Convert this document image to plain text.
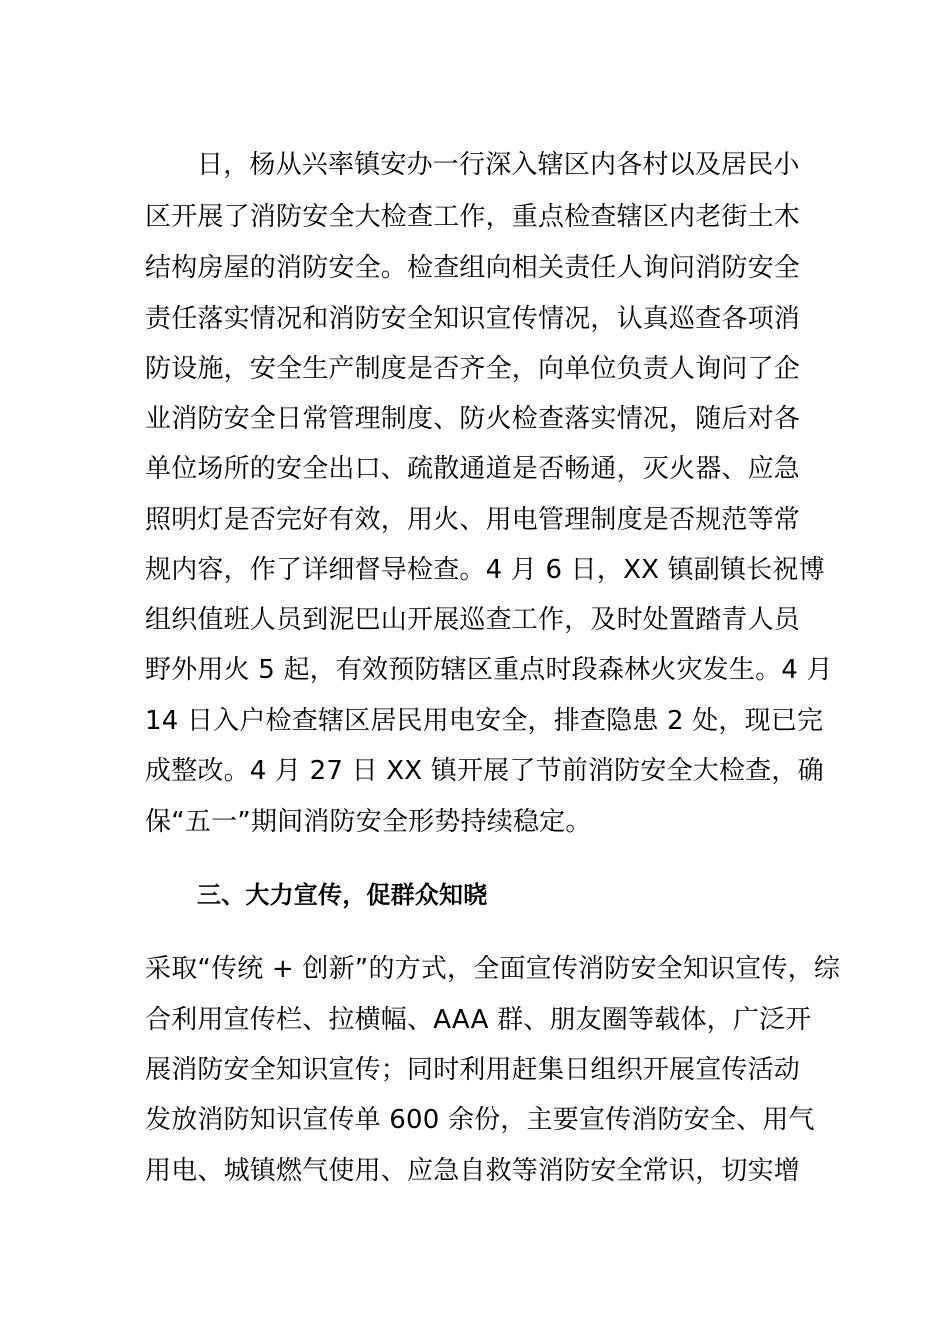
日，杨从兴率镇安办一行深入辖区内各村以及居民小
区开展了消防安全大检查工作，重点检查辖区内老街土木
结构房屋的消防安全。检查组向相关责任人询问消防安全
责任落实情况和消防安全知识宣传情况，认真巡查各项消
防设施，安全生产制度是否齐全，向单位负责人询问了企
业消防安全日常管理制度、防火检查落实情况，随后对各
单位场所的安全出口、疏散通道是否畅通，灭火器、应急
照明灯是否完好有效，用火、用电管理制度是否规范等常
规内容，作了详细督导检查。4 月 6 日，XX 镇副镇长祝博
组织值班人员到泥巴山开展巡查工作，及时处置踏青人员
野外用火 5 起，有效预防辖区重点时段森林火灾发生。4 月
14 日入户检查辖区居民用电安全，排查隐患 2 处，现已完
成整改。4 月 27 日 XX 镇开展了节前消防安全大检查，确
保“五一”期间消防安全形势持续稳定。
三、大力宣传，促群众知晓
采取“传统 + 创新”的方式，全面宣传消防安全知识宣传，综
合利用宣传栏、拉横幅、AAA 群、朋友圈等载体，广泛开
展消防安全知识宣传；同时利用赶集日组织开展宣传活动
发放消防知识宣传单 600 余份，主要宣传消防安全、用气
用电、城镇燃气使用、应急自救等消防安全常识，切实增
